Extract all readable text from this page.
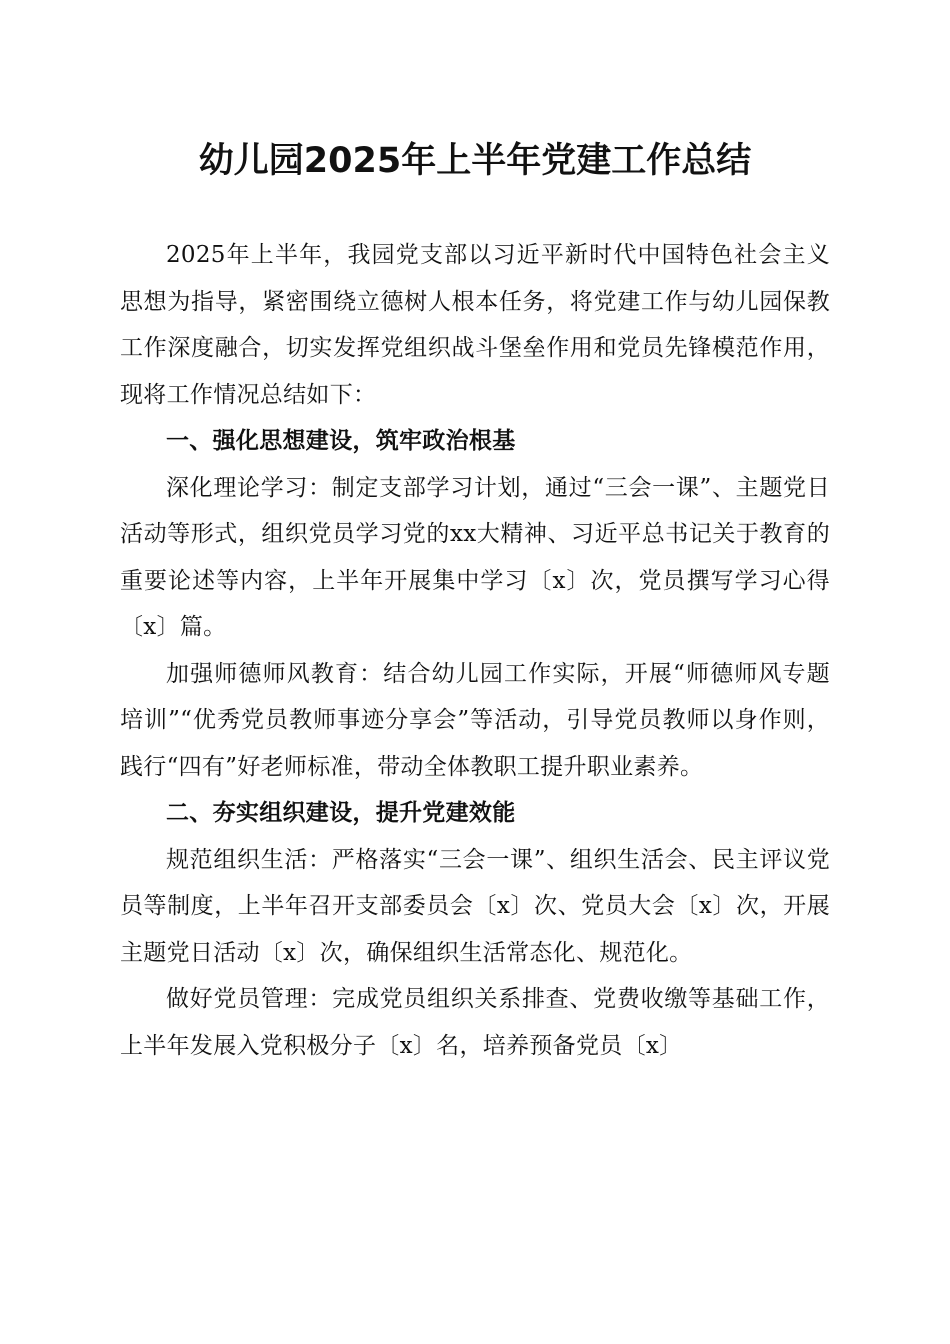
幼儿园2025年上半年党建工作总结

2025年上半年，我园党支部以习近平新时代中国特色社会主义思想为指导，紧密围绕立德树人根本任务，将党建工作与幼儿园保教工作深度融合，切实发挥党组织战斗堡垒作用和党员先锋模范作用，现将工作情况总结如下：

一、强化思想建设，筑牢政治根基

深化理论学习：制定支部学习计划，通过“三会一课”、主题党日活动等形式，组织党员学习党的xx大精神、习近平总书记关于教育的重要论述等内容，上半年开展集中学习〔x〕次，党员撰写学习心得〔x〕篇。

加强师德师风教育：结合幼儿园工作实际，开展“师德师风专题培训”“优秀党员教师事迹分享会”等活动，引导党员教师以身作则，践行“四有”好老师标准，带动全体教职工提升职业素养。

二、夯实组织建设，提升党建效能

规范组织生活：严格落实“三会一课”、组织生活会、民主评议党员等制度，上半年召开支部委员会〔x〕次、党员大会〔x〕次，开展主题党日活动〔x〕次，确保组织生活常态化、规范化。

做好党员管理：完成党员组织关系排查、党费收缴等基础工作，上半年发展入党积极分子〔x〕名，培养预备党员〔x〕
